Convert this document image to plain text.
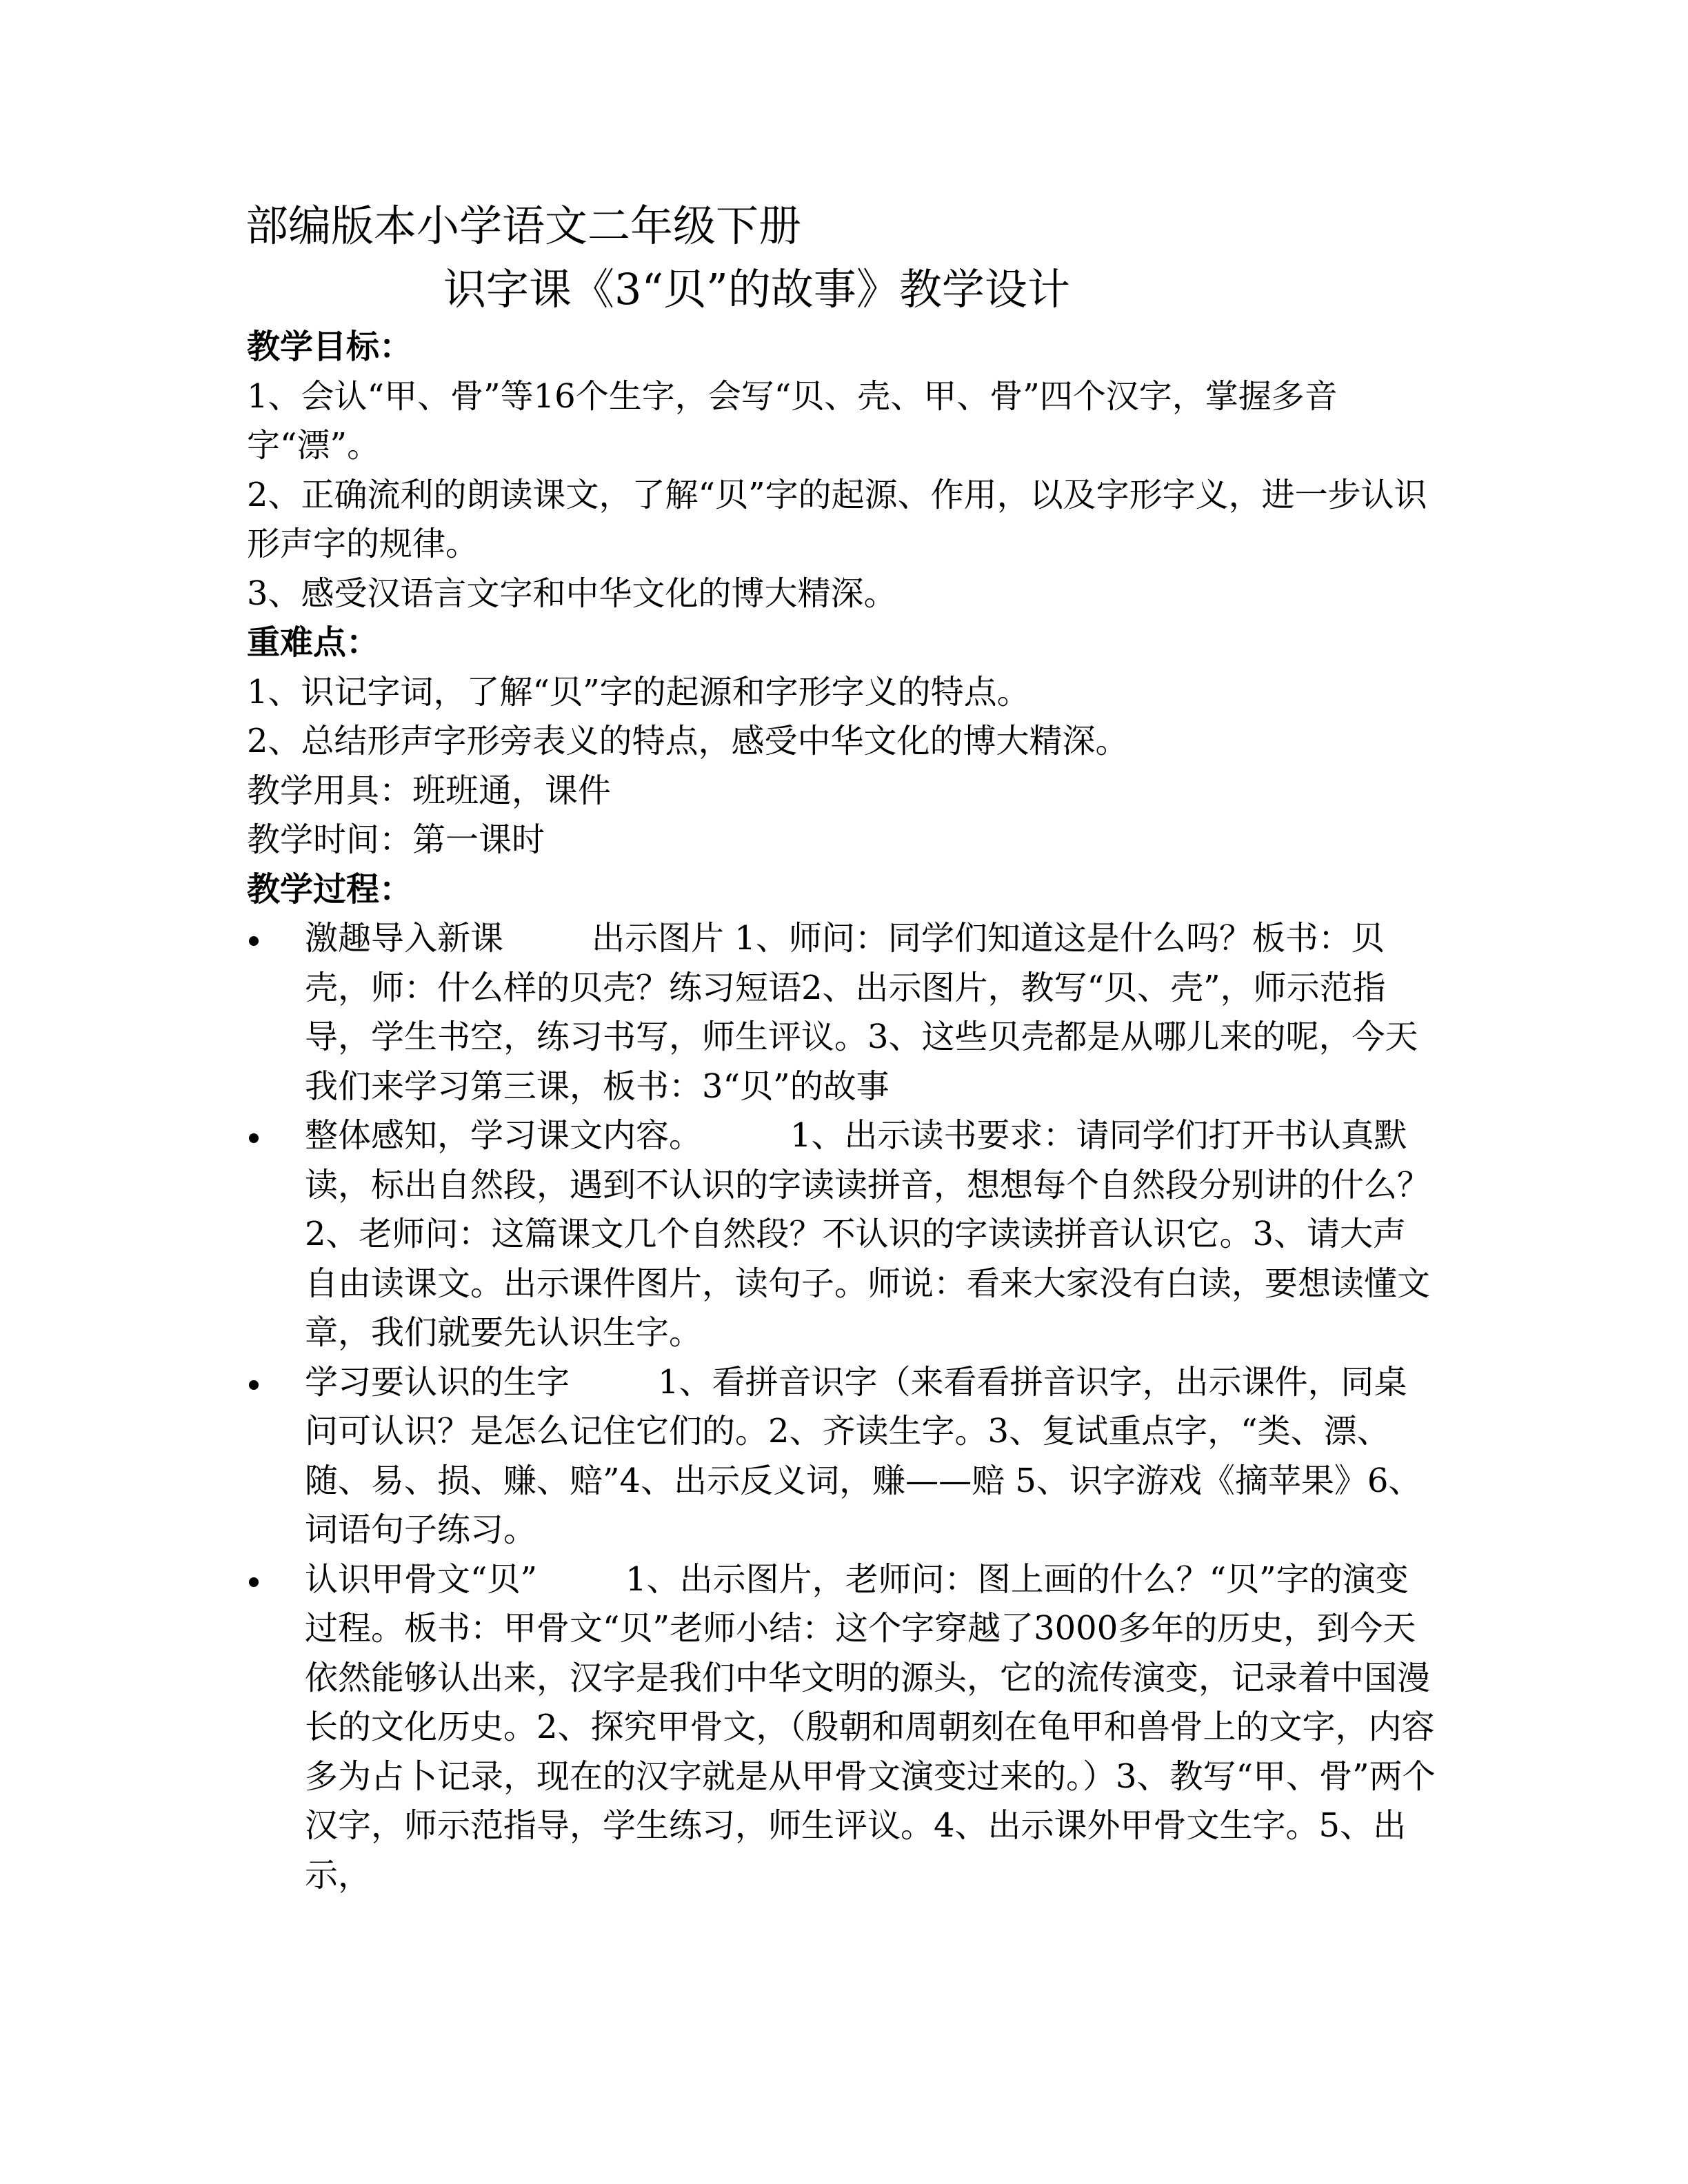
部编版本小学语文二年级下册
识字课《3“贝”的故事》教学设计

教学目标：

1、会认“甲、骨”等16个生字，会写“贝、壳、甲、骨”四个汉字，掌握多音字“漂”。

2、正确流利的朗读课文，了解“贝”字的起源、作用，以及字形字义，进一步认识形声字的规律。

3、感受汉语言文字和中华文化的博大精深。

重难点：

1、识记字词，了解“贝”字的起源和字形字义的特点。

2、总结形声字形旁表义的特点，感受中华文化的博大精深。

教学用具：班班通，课件

教学时间：第一课时

教学过程：

激趣导入新课	出示图片 1、师问：同学们知道这是什么吗？板书：贝壳，师：什么样的贝壳？练习短语2、出示图片，教写“贝、壳”，师示范指导，学生书空，练习书写，师生评议。3、这些贝壳都是从哪儿来的呢，今天我们来学习第三课，板书：3“贝”的故事
整体感知，学习课文内容。	1、出示读书要求：请同学们打开书认真默读，标出自然段，遇到不认识的字读读拼音，想想每个自然段分别讲的什么？2、老师问：这篇课文几个自然段？不认识的字读读拼音认识它。3、请大声自由读课文。出示课件图片，读句子。师说：看来大家没有白读，要想读懂文章，我们就要先认识生字。
学习要认识的生字	1、看拼音识字（来看看拼音识字，出示课件，同桌问可认识？是怎么记住它们的。2、齐读生字。3、复试重点字，“类、漂、随、易、损、赚、赔”4、出示反义词，赚——赔 5、识字游戏《摘苹果》6、词语句子练习。
认识甲骨文“贝”	1、出示图片，老师问：图上画的什么？“贝”字的演变过程。板书：甲骨文“贝”老师小结：这个字穿越了3000多年的历史，到今天依然能够认出来，汉字是我们中华文明的源头，它的流传演变，记录着中国漫长的文化历史。2、探究甲骨文，（殷朝和周朝刻在龟甲和兽骨上的文字，内容多为占卜记录，现在的汉字就是从甲骨文演变过来的。）3、教写“甲、骨”两个汉字，师示范指导，学生练习，师生评议。4、出示课外甲骨文生字。5、出示，
